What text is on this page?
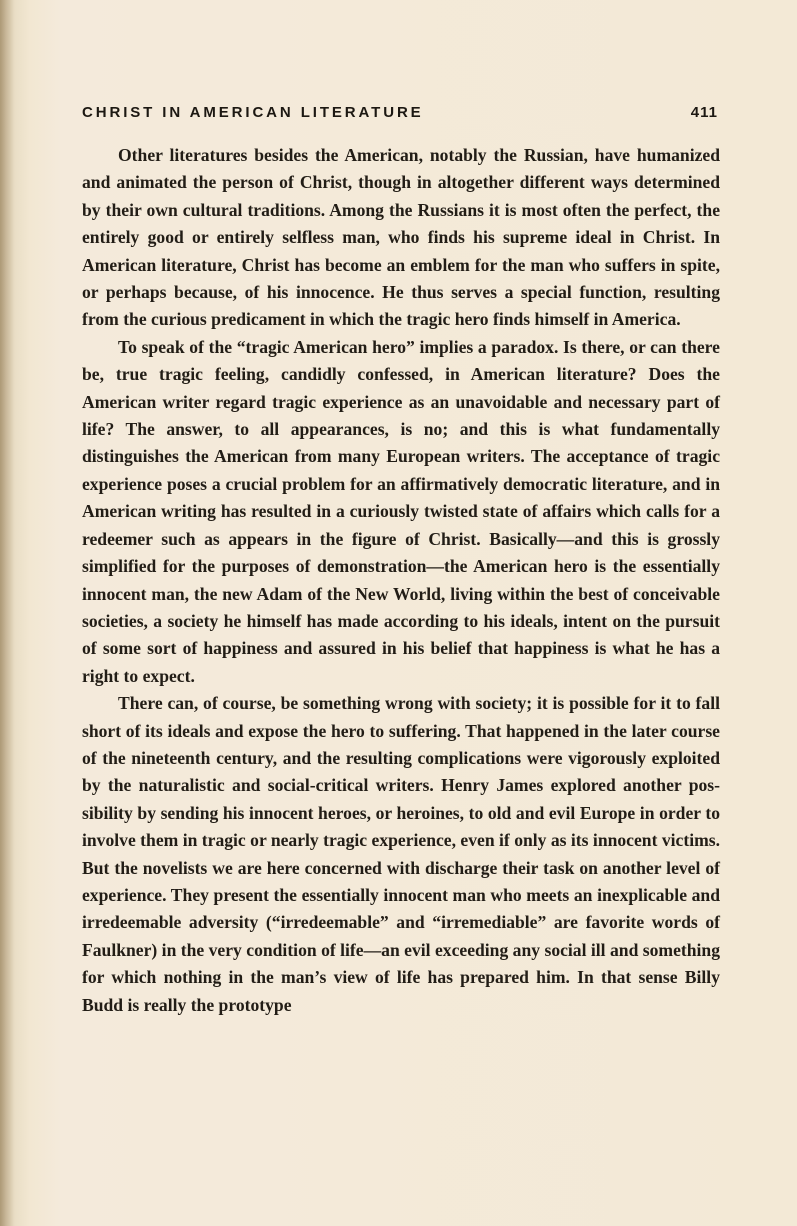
CHRIST IN AMERICAN LITERATURE	411

Other literatures besides the American, notably the Russian, have humanized and animated the person of Christ, though in altogether different ways determined by their own cultural traditions. Among the Russians it is most often the perfect, the entirely good or entirely selfless man, who finds his supreme ideal in Christ. In American literature, Christ has become an emblem for the man who suffers in spite, or perhaps because, of his innocence. He thus serves a special function, resulting from the curious predicament in which the tragic hero finds himself in America.

To speak of the “tragic American hero” implies a paradox. Is there, or can there be, true tragic feeling, candidly confessed, in American literature? Does the American writer regard tragic experience as an unavoidable and necessary part of life? The answer, to all appearances, is no; and this is what fundamentally distinguishes the American from many European writers. The acceptance of tragic experience poses a crucial problem for an affirmatively democratic literature, and in American writing has resulted in a curiously twisted state of affairs which calls for a redeemer such as appears in the figure of Christ. Basically—and this is grossly simplified for the purposes of demonstration—the American hero is the essentially innocent man, the new Adam of the New World, living within the best of conceivable societies, a society he himself has made according to his ideals, intent on the pursuit of some sort of happiness and assured in his belief that happiness is what he has a right to expect.

There can, of course, be something wrong with society; it is possible for it to fall short of its ideals and expose the hero to suffering. That happened in the later course of the nineteenth century, and the resulting complications were vigorously exploited by the naturalistic and social-critical writers. Henry James explored another possibility by sending his innocent heroes, or heroines, to old and evil Europe in order to involve them in tragic or nearly tragic experience, even if only as its innocent victims. But the novelists we are here concerned with discharge their task on another level of experience. They present the essentially innocent man who meets an inexplicable and irredeemable adversity (“irredeemable” and “irremediable” are favorite words of Faulkner) in the very condition of life—an evil exceeding any social ill and something for which nothing in the man’s view of life has prepared him. In that sense Billy Budd is really the prototype
